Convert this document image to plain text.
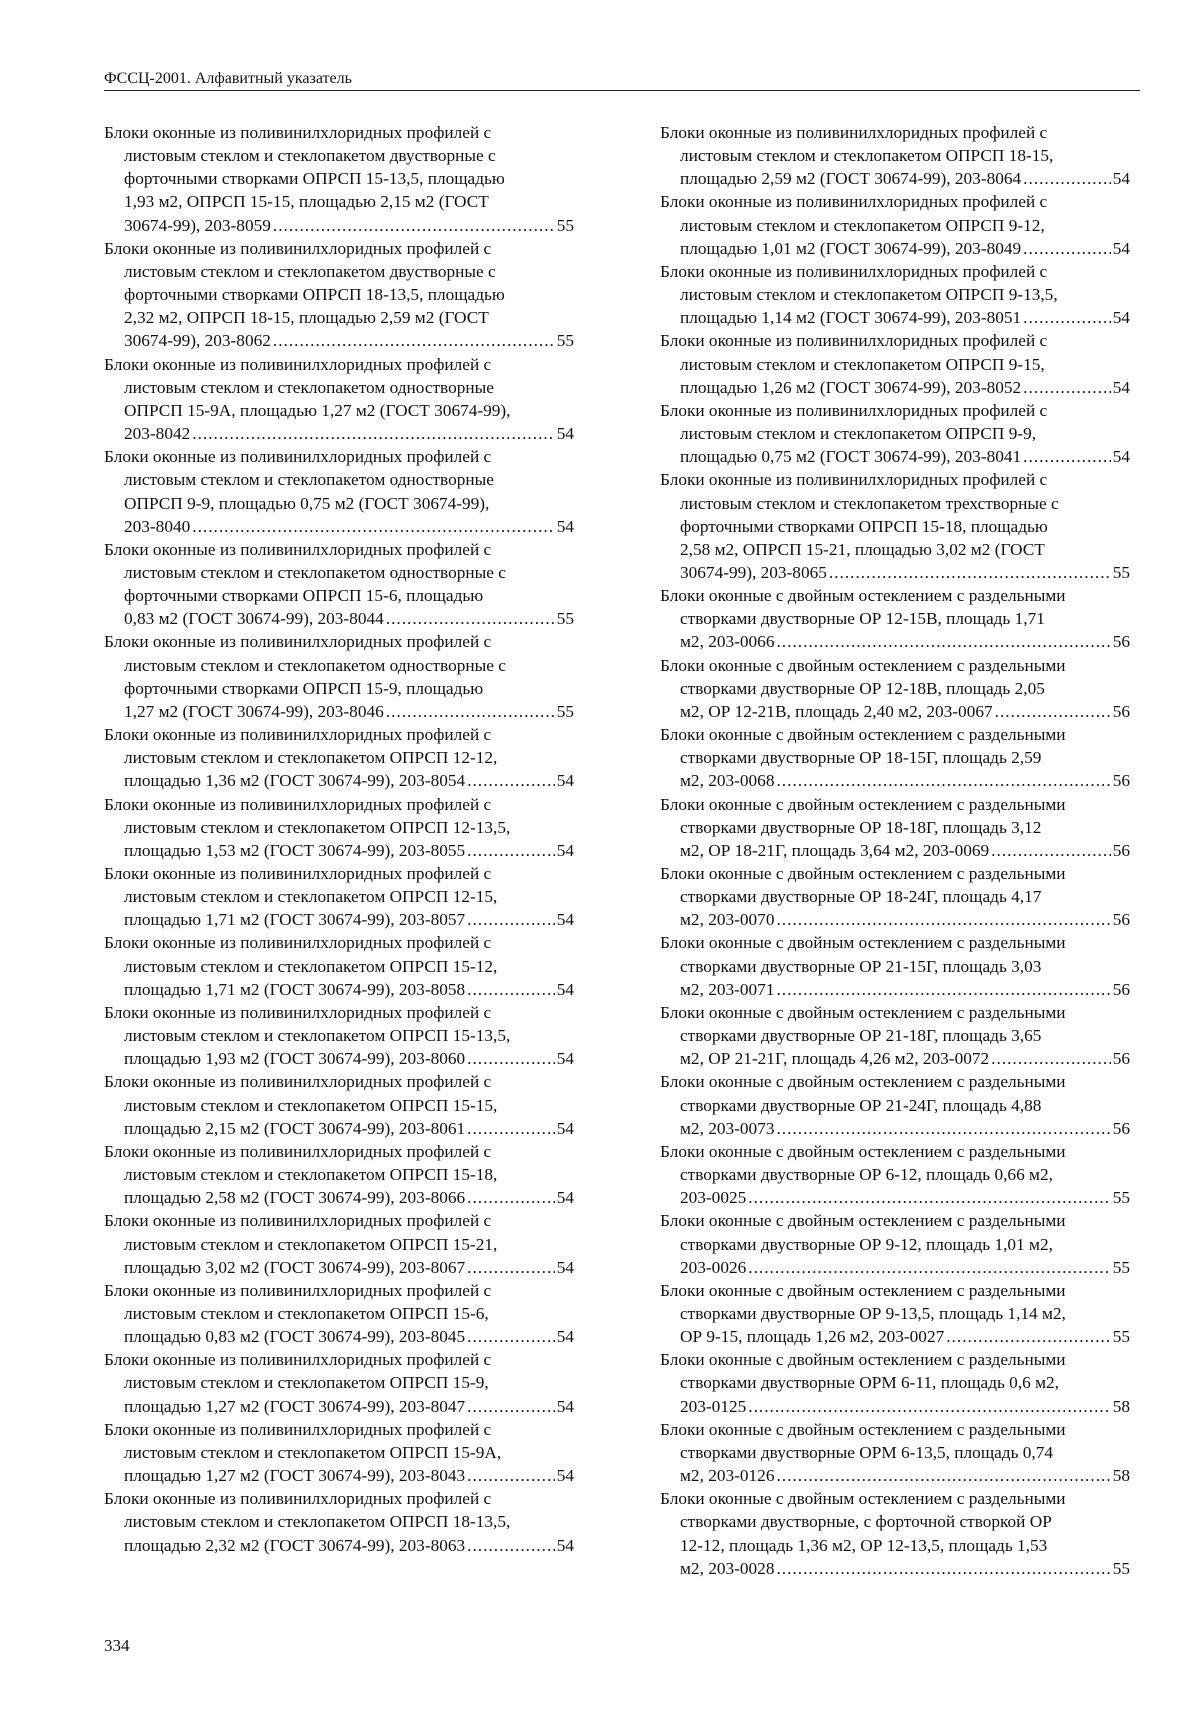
ФССЦ-2001. Алфавитный указатель
Блоки оконные из поливинилхлоридных профилей с
листовым стеклом и стеклопакетом двустворные с
форточными створками ОПРСП 15-13,5, площадью
1,93 м2, ОПРСП 15-15, площадью 2,15 м2 (ГОСТ
30674-99), 203-8059 .....	55
Блоки оконные из поливинилхлоридных профилей с
листовым стеклом и стеклопакетом двустворные с
форточными створками ОПРСП 18-13,5, площадью
2,32 м2, ОПРСП 18-15, площадью 2,59 м2 (ГОСТ
30674-99), 203-8062 .....	55
Блоки оконные из поливинилхлоридных профилей с
листовым стеклом и стеклопакетом одностворные
ОПРСП 15-9А, площадью 1,27 м2 (ГОСТ 30674-99),
203-8042 .....	54
Блоки оконные из поливинилхлоридных профилей с
листовым стеклом и стеклопакетом одностворные
ОПРСП 9-9, площадью 0,75 м2 (ГОСТ 30674-99),
203-8040 .....	54
Блоки оконные из поливинилхлоридных профилей с
листовым стеклом и стеклопакетом одностворные с
форточными створками ОПРСП 15-6, площадью
0,83 м2 (ГОСТ 30674-99), 203-8044 .....	55
Блоки оконные из поливинилхлоридных профилей с
листовым стеклом и стеклопакетом одностворные с
форточными створками ОПРСП 15-9, площадью
1,27 м2 (ГОСТ 30674-99), 203-8046 .....	55
Блоки оконные из поливинилхлоридных профилей с
листовым стеклом и стеклопакетом ОПРСП 12-12,
площадью 1,36 м2 (ГОСТ 30674-99), 203-8054 .....	54
Блоки оконные из поливинилхлоридных профилей с
листовым стеклом и стеклопакетом ОПРСП 12-13,5,
площадью 1,53 м2 (ГОСТ 30674-99), 203-8055 .....	54
Блоки оконные из поливинилхлоридных профилей с
листовым стеклом и стеклопакетом ОПРСП 12-15,
площадью 1,71 м2 (ГОСТ 30674-99), 203-8057 .....	54
Блоки оконные из поливинилхлоридных профилей с
листовым стеклом и стеклопакетом ОПРСП 15-12,
площадью 1,71 м2 (ГОСТ 30674-99), 203-8058 .....	54
Блоки оконные из поливинилхлоридных профилей с
листовым стеклом и стеклопакетом ОПРСП 15-13,5,
площадью 1,93 м2 (ГОСТ 30674-99), 203-8060 .....	54
Блоки оконные из поливинилхлоридных профилей с
листовым стеклом и стеклопакетом ОПРСП 15-15,
площадью 2,15 м2 (ГОСТ 30674-99), 203-8061 .....	54
Блоки оконные из поливинилхлоридных профилей с
листовым стеклом и стеклопакетом ОПРСП 15-18,
площадью 2,58 м2 (ГОСТ 30674-99), 203-8066 .....	54
Блоки оконные из поливинилхлоридных профилей с
листовым стеклом и стеклопакетом ОПРСП 15-21,
площадью 3,02 м2 (ГОСТ 30674-99), 203-8067 .....	54
Блоки оконные из поливинилхлоридных профилей с
листовым стеклом и стеклопакетом ОПРСП 15-6,
площадью 0,83 м2 (ГОСТ 30674-99), 203-8045 .....	54
Блоки оконные из поливинилхлоридных профилей с
листовым стеклом и стеклопакетом ОПРСП 15-9,
площадью 1,27 м2 (ГОСТ 30674-99), 203-8047 .....	54
Блоки оконные из поливинилхлоридных профилей с
листовым стеклом и стеклопакетом ОПРСП 15-9А,
площадью 1,27 м2 (ГОСТ 30674-99), 203-8043 .....	54
Блоки оконные из поливинилхлоридных профилей с
листовым стеклом и стеклопакетом ОПРСП 18-13,5,
площадью 2,32 м2 (ГОСТ 30674-99), 203-8063 .....	54
Блоки оконные из поливинилхлоридных профилей с
листовым стеклом и стеклопакетом ОПРСП 18-15,
площадью 2,59 м2 (ГОСТ 30674-99), 203-8064 .....	54
Блоки оконные из поливинилхлоридных профилей с
листовым стеклом и стеклопакетом ОПРСП 9-12,
площадью 1,01 м2 (ГОСТ 30674-99), 203-8049 .....	54
Блоки оконные из поливинилхлоридных профилей с
листовым стеклом и стеклопакетом ОПРСП 9-13,5,
площадью 1,14 м2 (ГОСТ 30674-99), 203-8051 .....	54
Блоки оконные из поливинилхлоридных профилей с
листовым стеклом и стеклопакетом ОПРСП 9-15,
площадью 1,26 м2 (ГОСТ 30674-99), 203-8052 .....	54
Блоки оконные из поливинилхлоридных профилей с
листовым стеклом и стеклопакетом ОПРСП 9-9,
площадью 0,75 м2 (ГОСТ 30674-99), 203-8041 .....	54
Блоки оконные из поливинилхлоридных профилей с
листовым стеклом и стеклопакетом трехстворные с
форточными створками ОПРСП 15-18, площадью
2,58 м2, ОПРСП 15-21, площадью 3,02 м2 (ГОСТ
30674-99), 203-8065 .....	55
Блоки оконные с двойным остеклением с раздельными
створками двустворные ОР 12-15В, площадь 1,71
м2, 203-0066 .....	56
Блоки оконные с двойным остеклением с раздельными
створками двустворные ОР 12-18В, площадь 2,05
м2, ОР 12-21В, площадь 2,40 м2, 203-0067 .....	56
Блоки оконные с двойным остеклением с раздельными
створками двустворные ОР 18-15Г, площадь 2,59
м2, 203-0068 .....	56
Блоки оконные с двойным остеклением с раздельными
створками двустворные ОР 18-18Г, площадь 3,12
м2, ОР 18-21Г, площадь 3,64 м2, 203-0069 .....	56
Блоки оконные с двойным остеклением с раздельными
створками двустворные ОР 18-24Г, площадь 4,17
м2, 203-0070 .....	56
Блоки оконные с двойным остеклением с раздельными
створками двустворные ОР 21-15Г, площадь 3,03
м2, 203-0071 .....	56
Блоки оконные с двойным остеклением с раздельными
створками двустворные ОР 21-18Г, площадь 3,65
м2, ОР 21-21Г, площадь 4,26 м2, 203-0072 .....	56
Блоки оконные с двойным остеклением с раздельными
створками двустворные ОР 21-24Г, площадь 4,88
м2, 203-0073 .....	56
Блоки оконные с двойным остеклением с раздельными
створками двустворные ОР 6-12, площадь 0,66 м2,
203-0025 .....	55
Блоки оконные с двойным остеклением с раздельными
створками двустворные ОР 9-12, площадь 1,01 м2,
203-0026 .....	55
Блоки оконные с двойным остеклением с раздельными
створками двустворные ОР 9-13,5, площадь 1,14 м2,
ОР 9-15, площадь 1,26 м2, 203-0027 .....	55
Блоки оконные с двойным остеклением с раздельными
створками двустворные ОРМ 6-11, площадь 0,6 м2,
203-0125 .....	58
Блоки оконные с двойным остеклением с раздельными
створками двустворные ОРМ 6-13,5, площадь 0,74
м2, 203-0126 .....	58
Блоки оконные с двойным остеклением с раздельными
створками двустворные, с форточной створкой ОР
12-12, площадь 1,36 м2, ОР 12-13,5, площадь 1,53
м2, 203-0028 .....	55
334
